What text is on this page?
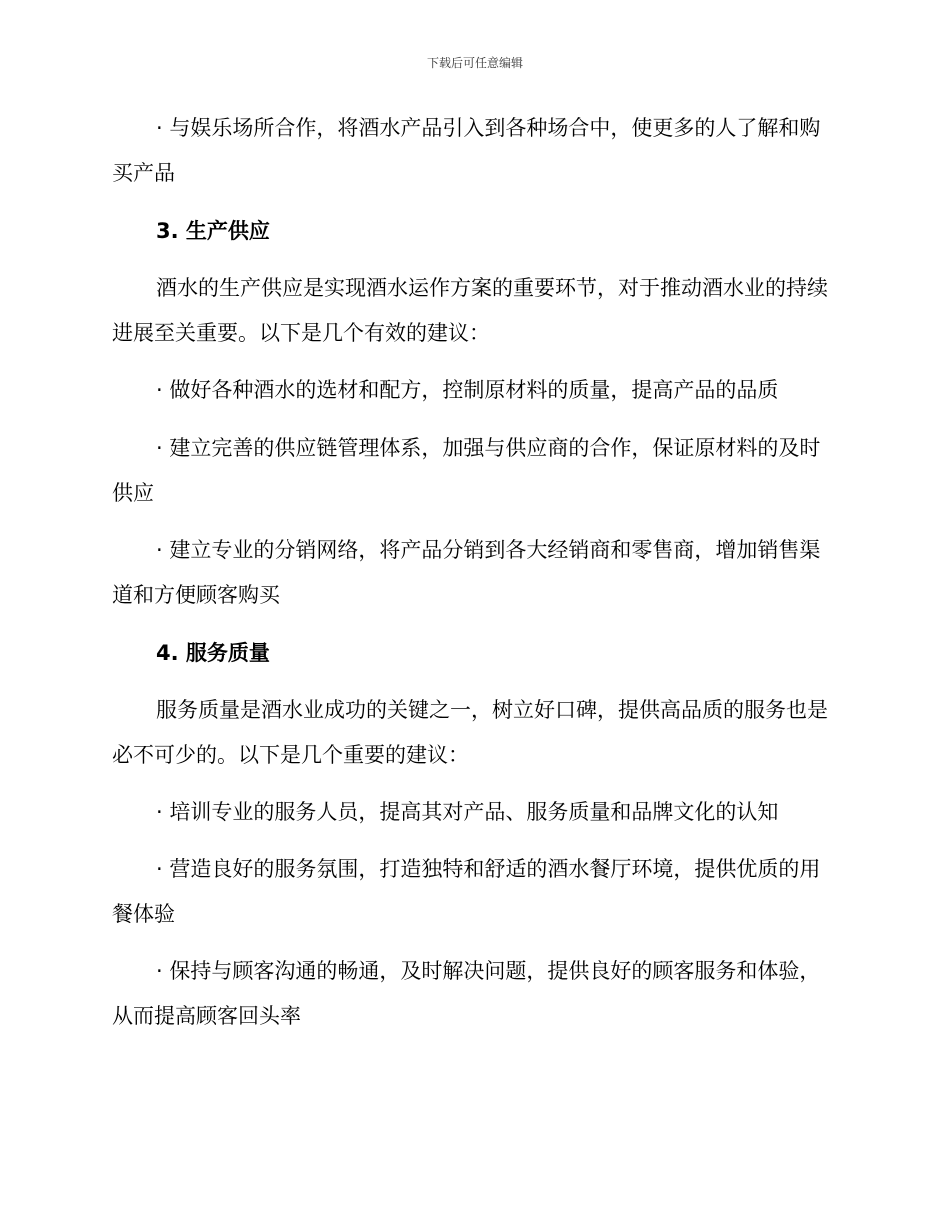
下载后可任意编辑

· 与娱乐场所合作，将酒水产品引入到各种场合中，使更多的人了解和购买产品

3. 生产供应

酒水的生产供应是实现酒水运作方案的重要环节，对于推动酒水业的持续进展至关重要。以下是几个有效的建议：

· 做好各种酒水的选材和配方，控制原材料的质量，提高产品的品质

· 建立完善的供应链管理体系，加强与供应商的合作，保证原材料的及时供应

· 建立专业的分销网络，将产品分销到各大经销商和零售商，增加销售渠道和方便顾客购买

4. 服务质量

服务质量是酒水业成功的关键之一，树立好口碑，提供高品质的服务也是必不可少的。以下是几个重要的建议：

· 培训专业的服务人员，提高其对产品、服务质量和品牌文化的认知

· 营造良好的服务氛围，打造独特和舒适的酒水餐厅环境，提供优质的用餐体验

· 保持与顾客沟通的畅通，及时解决问题，提供良好的顾客服务和体验，从而提高顾客回头率
